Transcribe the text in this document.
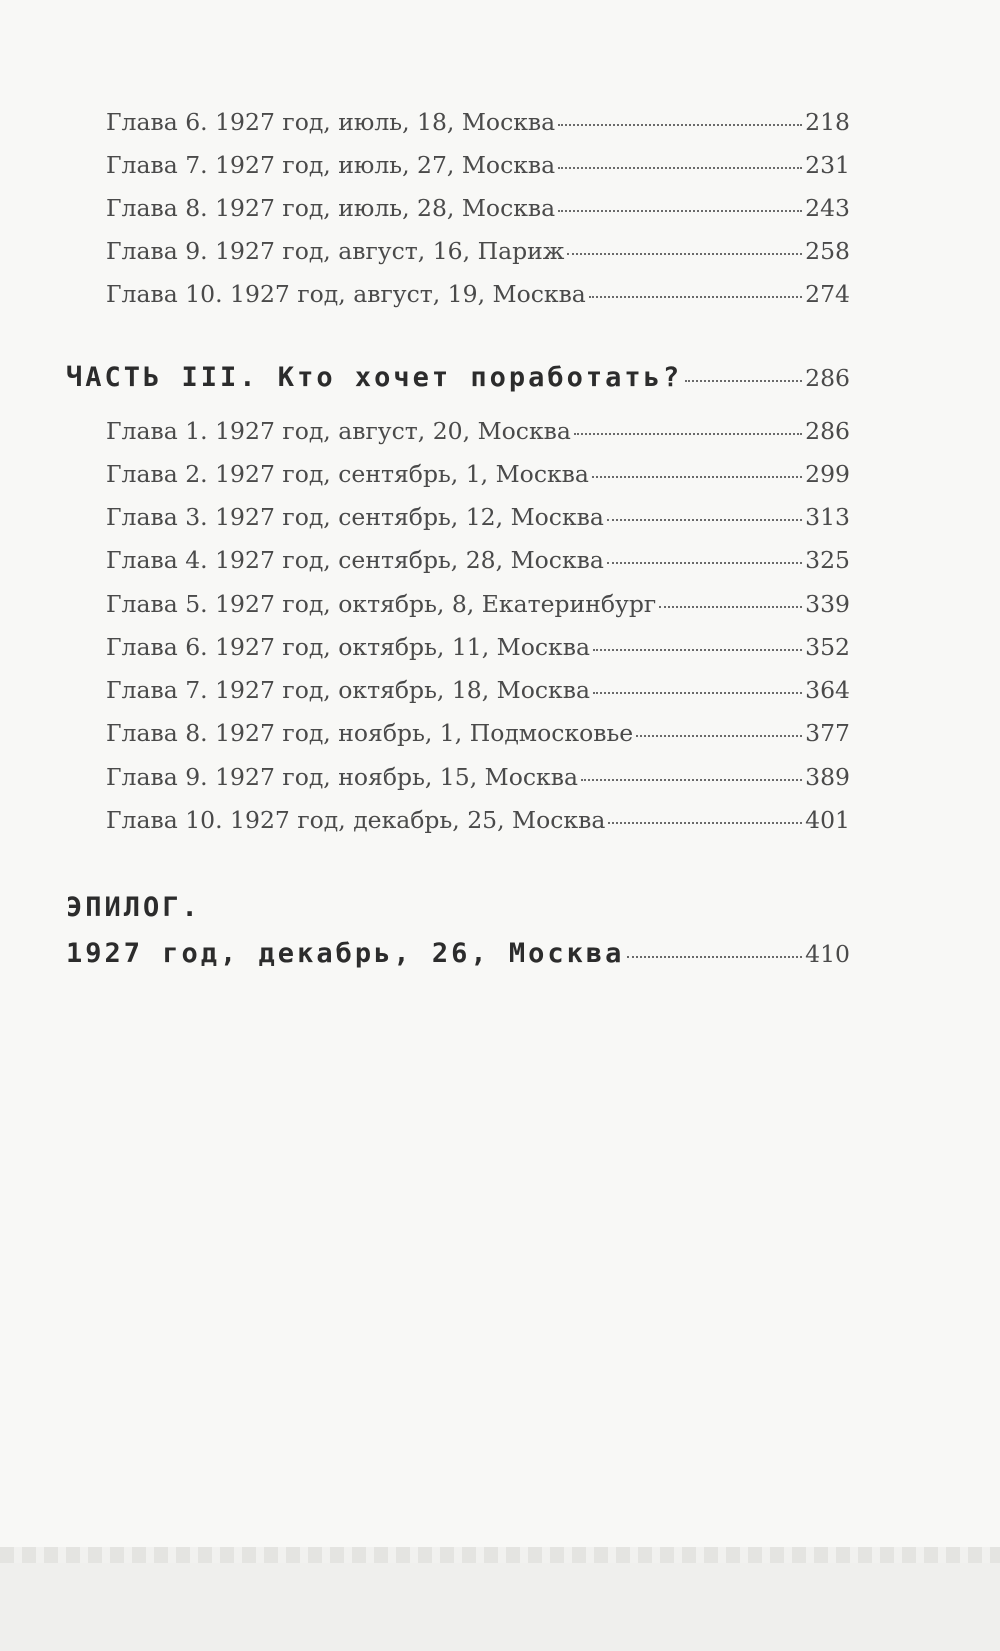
Глава 6. 1927 год, июль, 18, Москва	218
Глава 7. 1927 год, июль, 27, Москва	231
Глава 8. 1927 год, июль, 28, Москва	243
Глава 9. 1927 год, август, 16, Париж	258
Глава 10. 1927 год, август, 19, Москва	274
ЧАСТЬ III. Кто хочет поработать?	286
Глава 1. 1927 год, август, 20, Москва	286
Глава 2. 1927 год, сентябрь, 1, Москва	299
Глава 3. 1927 год, сентябрь, 12, Москва	313
Глава 4. 1927 год, сентябрь, 28, Москва	325
Глава 5. 1927 год, октябрь, 8, Екатеринбург	339
Глава 6. 1927 год, октябрь, 11, Москва	352
Глава 7. 1927 год, октябрь, 18, Москва	364
Глава 8. 1927 год, ноябрь, 1, Подмосковье	377
Глава 9. 1927 год, ноябрь, 15, Москва	389
Глава 10. 1927 год, декабрь, 25, Москва	401
ЭПИЛОГ.
1927 год, декабрь, 26, Москва	410
